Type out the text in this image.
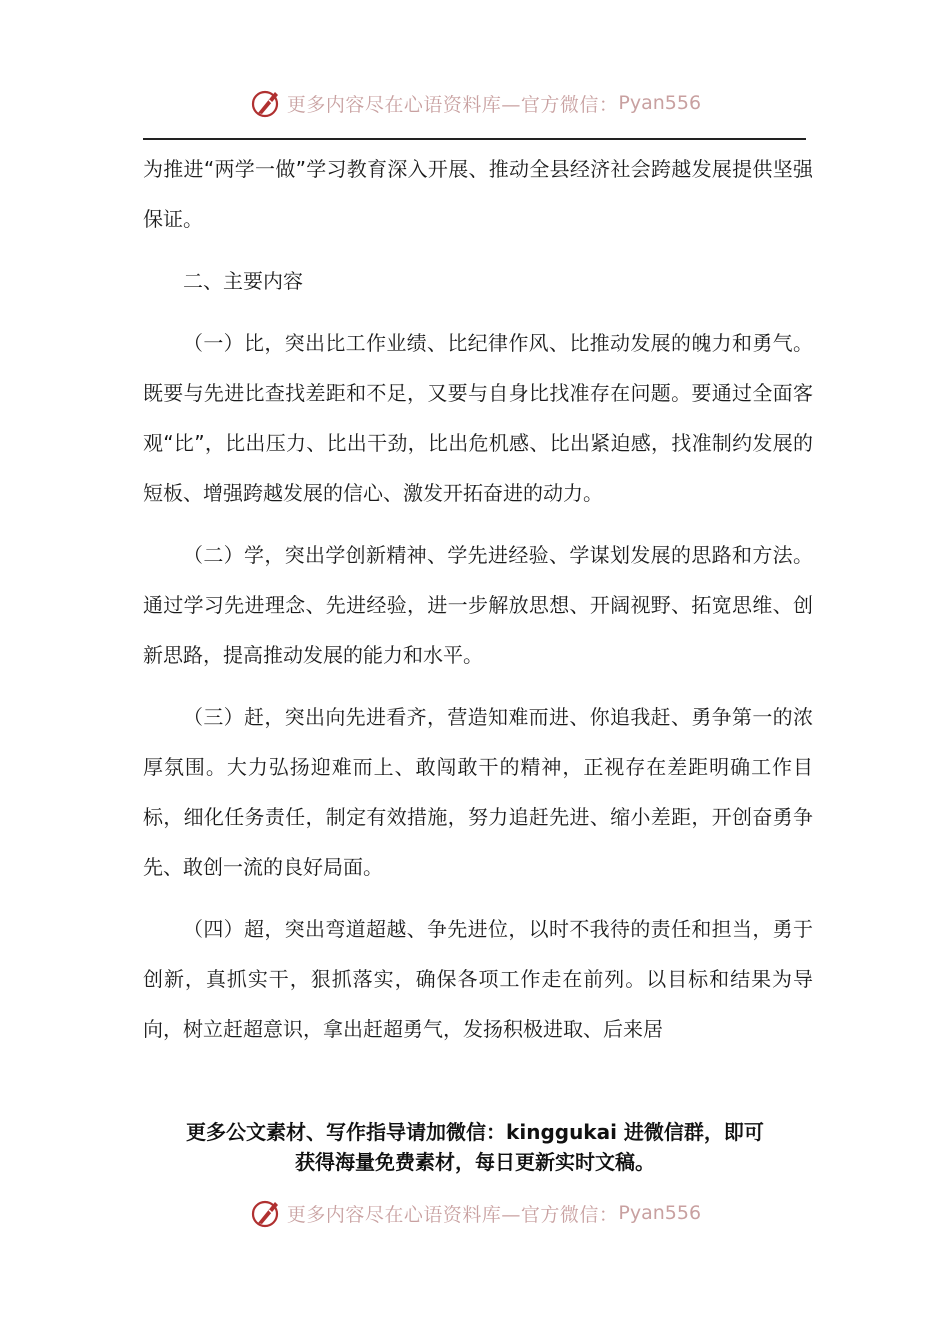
更多内容尽在心语资料库—官方微信： Pyan556

为推进“两学一做”学习教育深入开展、推动全县经济社会跨越发展提供坚强保证。

二、主要内容

（一）比，突出比工作业绩、比纪律作风、比推动发展的魄力和勇气。既要与先进比查找差距和不足，又要与自身比找准存在问题。要通过全面客观“比”，比出压力、比出干劲，比出危机感、比出紧迫感，找准制约发展的短板、增强跨越发展的信心、激发开拓奋进的动力。

（二）学，突出学创新精神、学先进经验、学谋划发展的思路和方法。通过学习先进理念、先进经验，进一步解放思想、开阔视野、拓宽思维、创新思路，提高推动发展的能力和水平。

（三）赶，突出向先进看齐，营造知难而进、你追我赶、勇争第一的浓厚氛围。大力弘扬迎难而上、敢闯敢干的精神，正视存在差距明确工作目标，细化任务责任，制定有效措施，努力追赶先进、缩小差距，开创奋勇争先、敢创一流的良好局面。

（四）超，突出弯道超越、争先进位，以时不我待的责任和担当，勇于创新，真抓实干，狠抓落实，确保各项工作走在前列。以目标和结果为导向，树立赶超意识，拿出赶超勇气，发扬积极进取、后来居

更多公文素材、写作指导请加微信：kinggukai 进微信群，即可
获得海量免费素材，每日更新实时文稿。
更多内容尽在心语资料库—官方微信： Pyan556
